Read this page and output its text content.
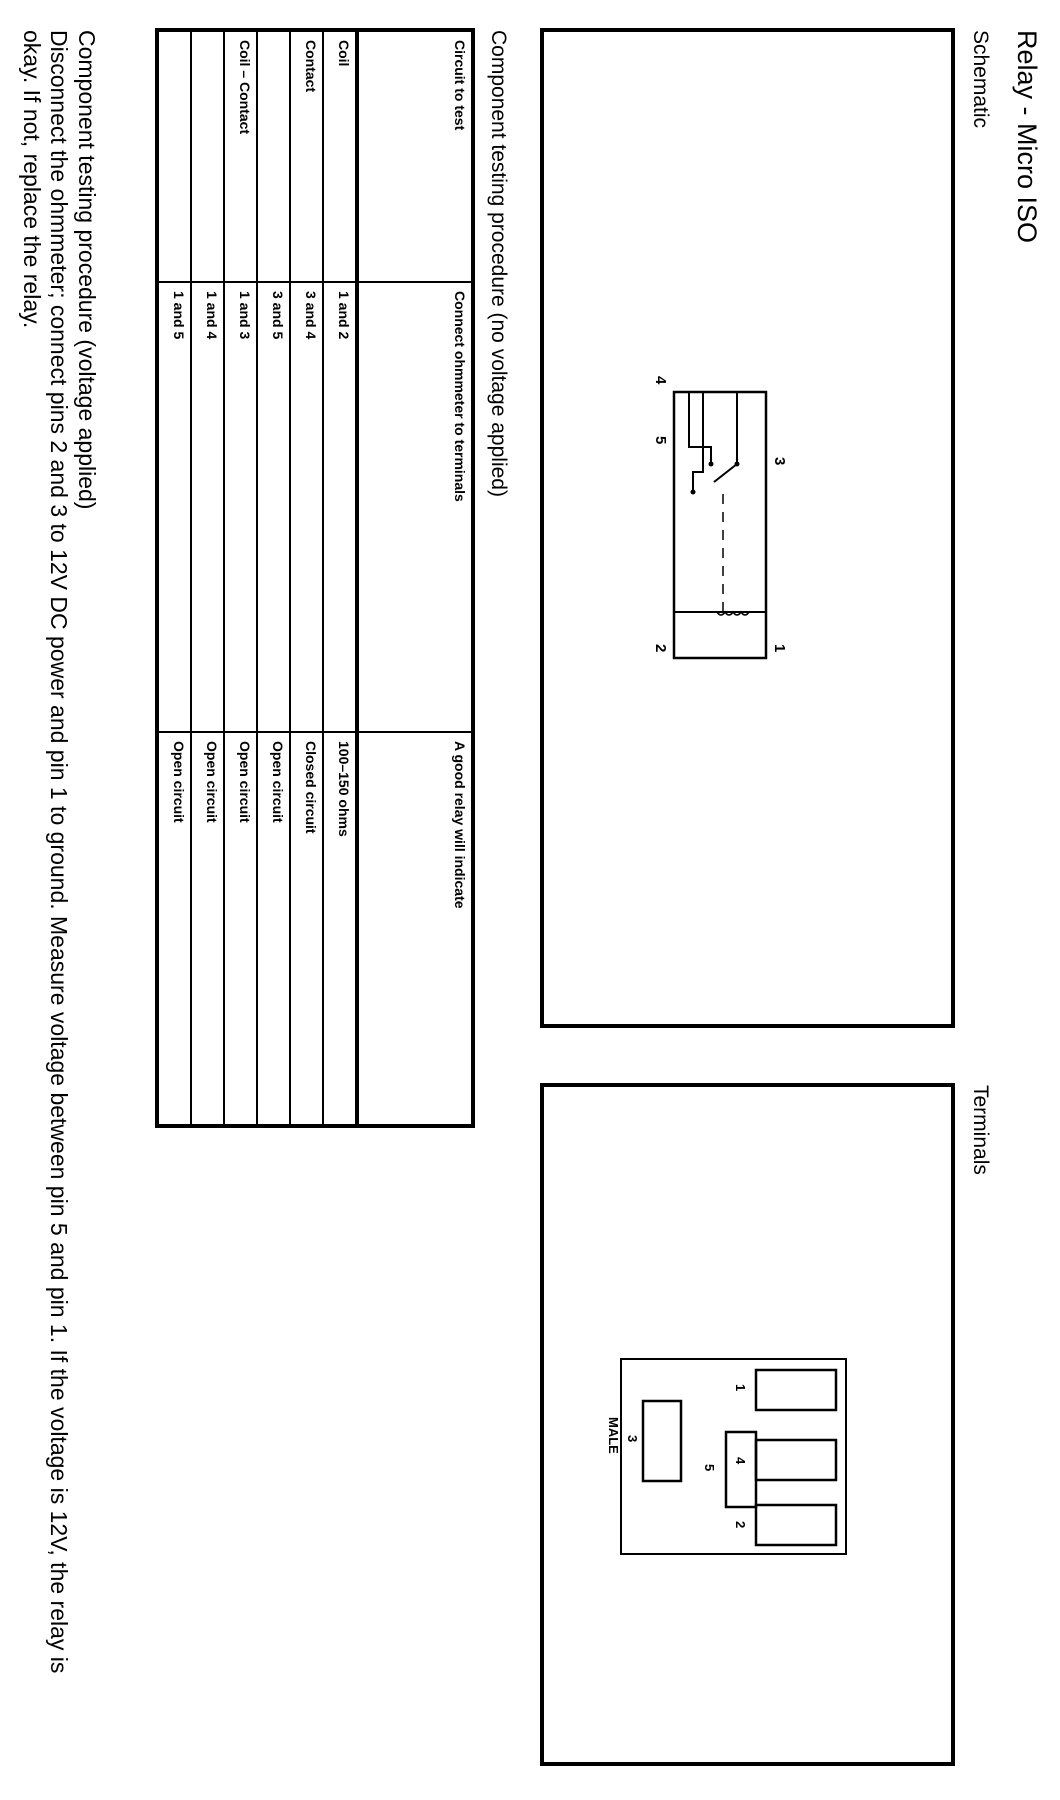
Relay - Micro ISO
Schematic
Terminals
1
2
3
4
5
1
4
2
5
3
MALE
Component testing procedure (no voltage applied)
Circuit to test	Connect ohmmeter to terminals	A good relay will indicate
Coil	1 and 2	100–150 ohms
Contact	3 and 4	Closed circuit
	3 and 5	Open circuit
Coil – Contact	1 and 3	Open circuit
	1 and 4	Open circuit
	1 and 5	Open circuit
Component testing procedure (voltage applied)
Disconnect the ohmmeter; connect pins 2 and 3 to 12V DC power and pin 1 to ground. Measure voltage between pin 5 and pin 1. If the voltage is 12V, the relay is okay. If not, replace the relay.
